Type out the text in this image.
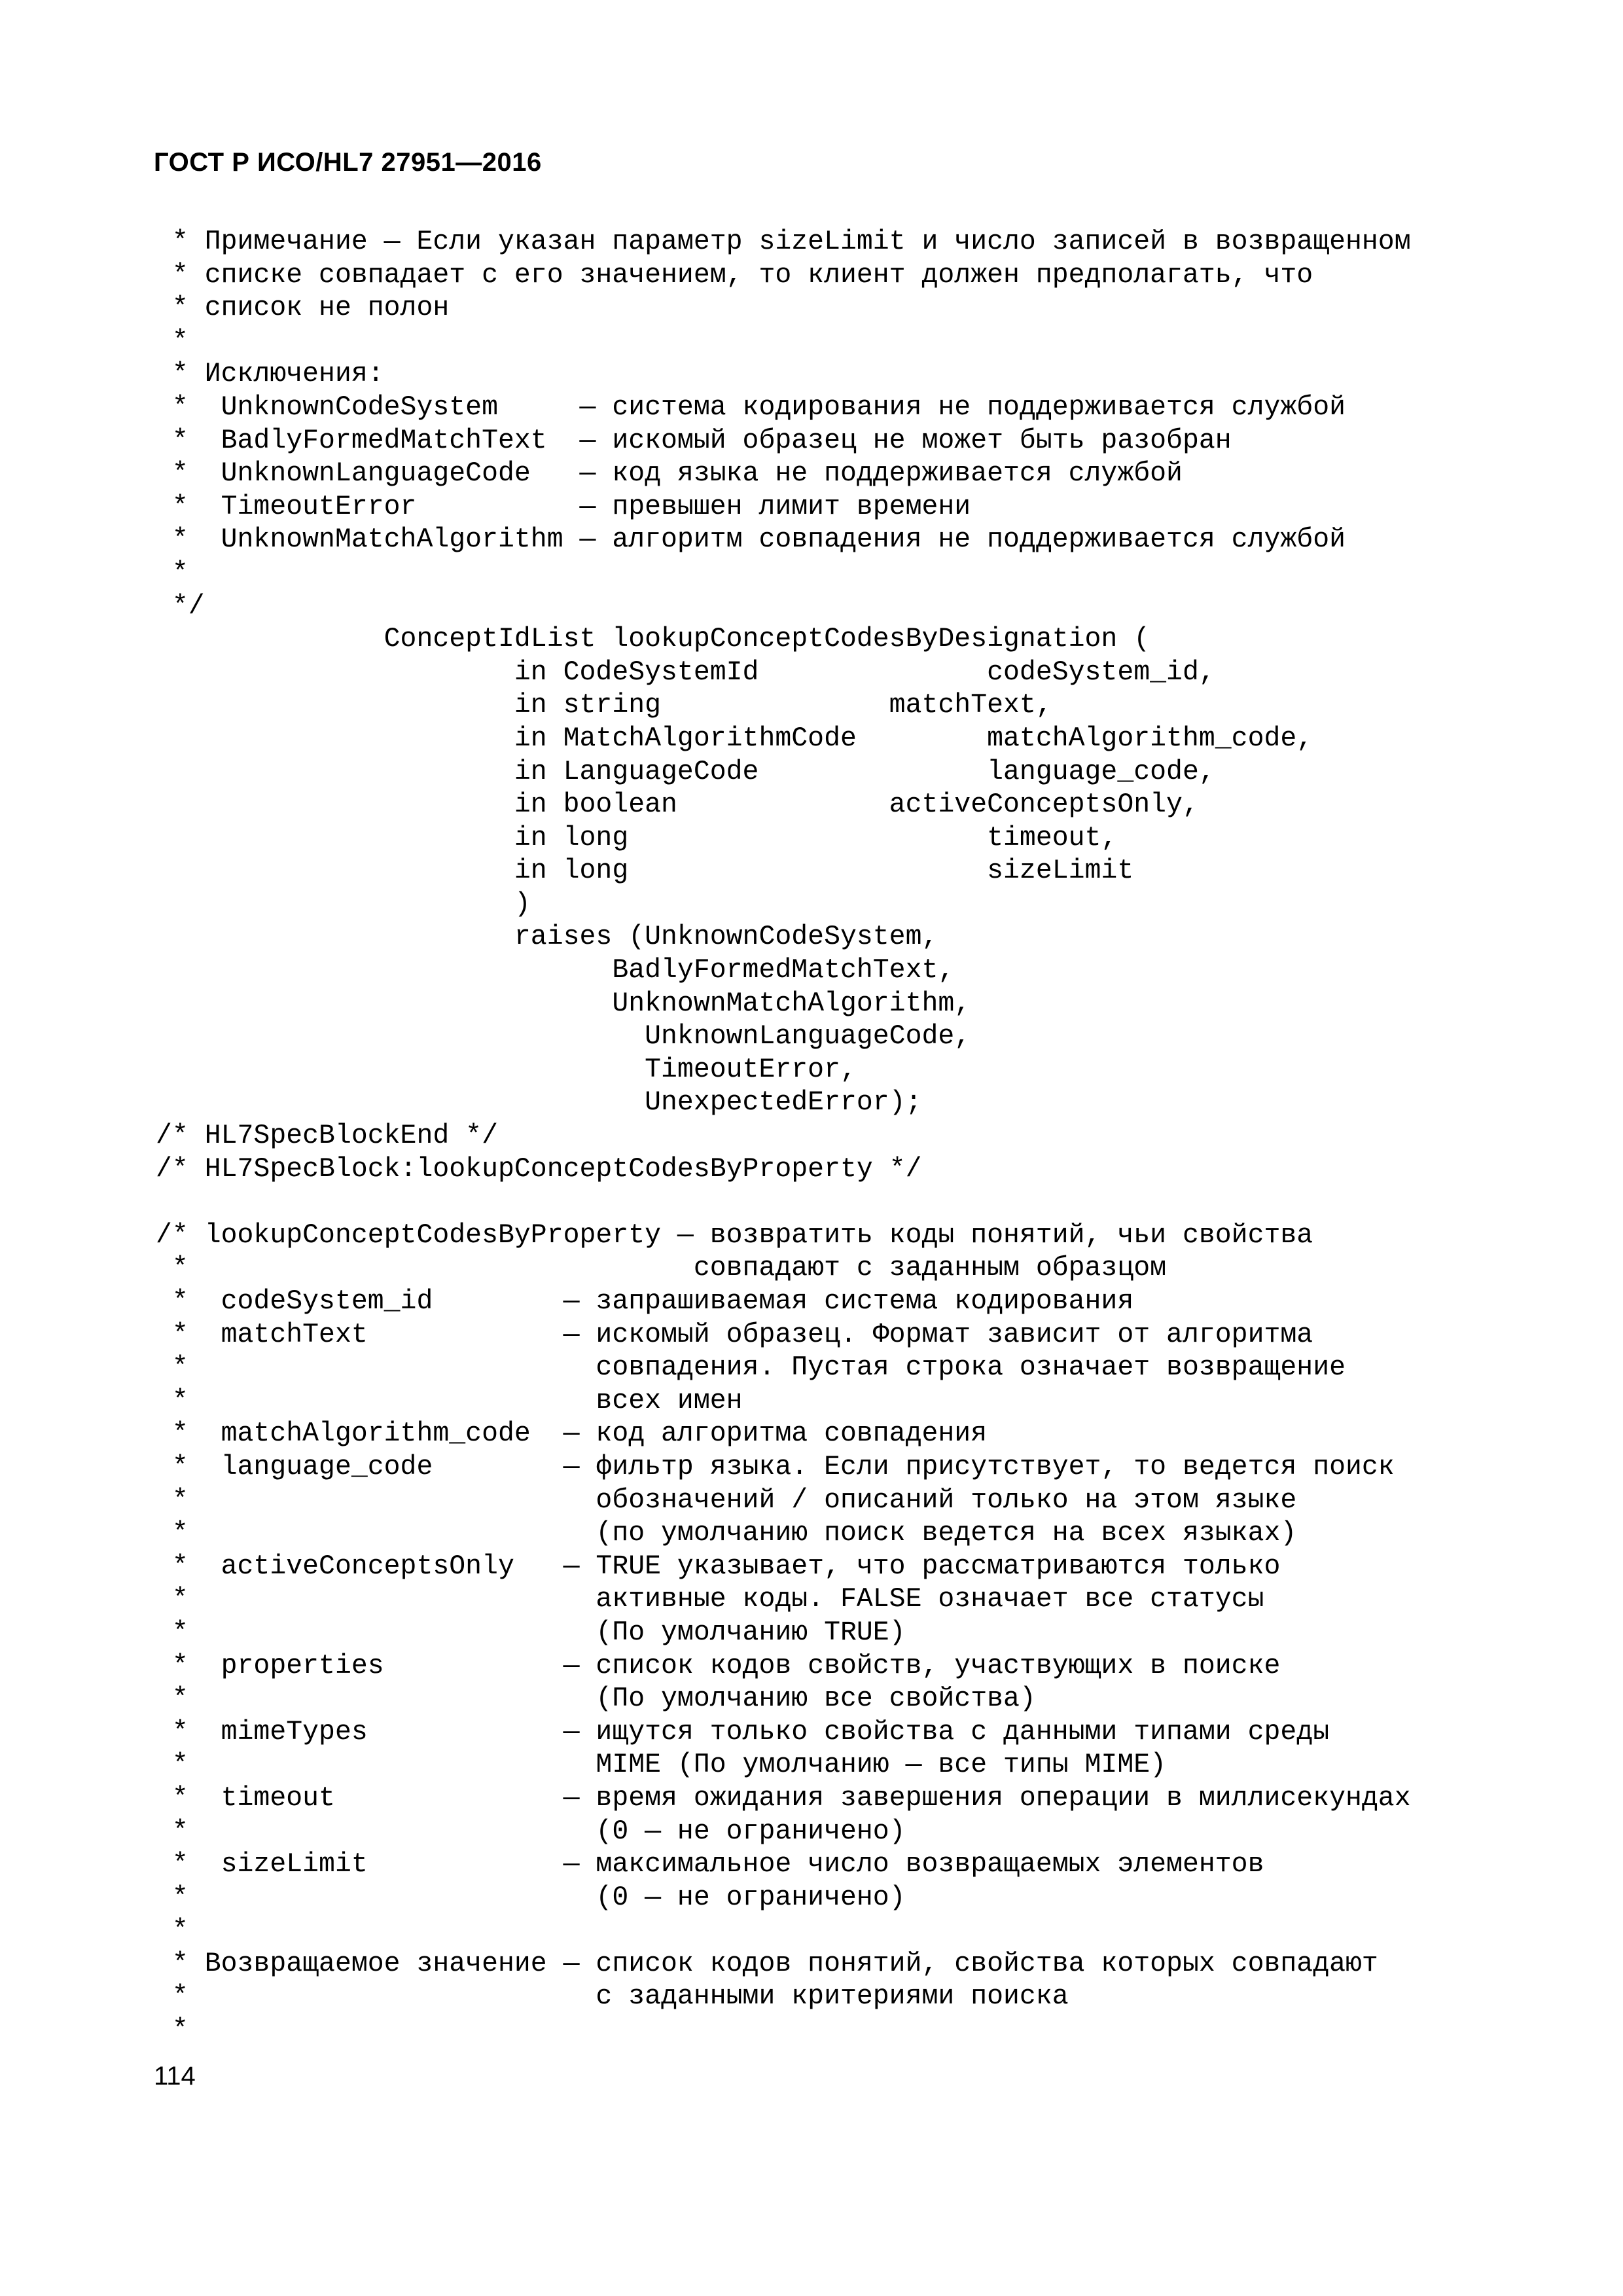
ГОСТ Р ИСО/HL7 27951—2016
* Примечание — Если указан параметр sizeLimit и число записей в возвращенном
* списке совпадает с его значением, то клиент должен предполагать, что
* список не полон
*
* Исключения:
*  UnknownCodeSystem     — система кодирования не поддерживается службой
*  BadlyFormedMatchText  — искомый образец не может быть разобран
*  UnknownLanguageCode   — код языка не поддерживается службой
*  TimeoutError          — превышен лимит времени
*  UnknownMatchAlgorithm — алгоритм совпадения не поддерживается службой
*
*/
ConceptIdList lookupConceptCodesByDesignation (
in CodeSystemId              codeSystem_id,
in string              matchText,
in MatchAlgorithmCode        matchAlgorithm_code,
in LanguageCode              language_code,
in boolean             activeConceptsOnly,
in long                      timeout,
in long                      sizeLimit
)
raises (UnknownCodeSystem,
BadlyFormedMatchText,
UnknownMatchAlgorithm,
UnknownLanguageCode,
TimeoutError,
UnexpectedError);
/* HL7SpecBlockEnd */
/* HL7SpecBlock:lookupConceptCodesByProperty */
/* lookupConceptCodesByProperty — возвратить коды понятий, чьи свойства
*                               совпадают с заданным образцом
*  codeSystem_id        — запрашиваемая система кодирования
*  matchText            — искомый образец. Формат зависит от алгоритма
*                         совпадения. Пустая строка означает возвращение
*                         всех имен
*  matchAlgorithm_code  — код алгоритма совпадения
*  language_code        — фильтр языка. Если присутствует, то ведется поиск
*                         обозначений / описаний только на этом языке
*                         (по умолчанию поиск ведется на всех языках)
*  activeConceptsOnly   — TRUE указывает, что рассматриваются только
*                         активные коды. FALSE означает все статусы
*                         (По умолчанию TRUE)
*  properties           — список кодов свойств, участвующих в поиске
*                         (По умолчанию все свойства)
*  mimeTypes            — ищутся только свойства с данными типами среды
*                         MIME (По умолчанию — все типы MIME)
*  timeout              — время ожидания завершения операции в миллисекундах
*                         (0 — не ограничено)
*  sizeLimit            — максимальное число возвращаемых элементов
*                         (0 — не ограничено)
*
* Возвращаемое значение — список кодов понятий, свойства которых совпадают
*                         с заданными критериями поиска
*

114
